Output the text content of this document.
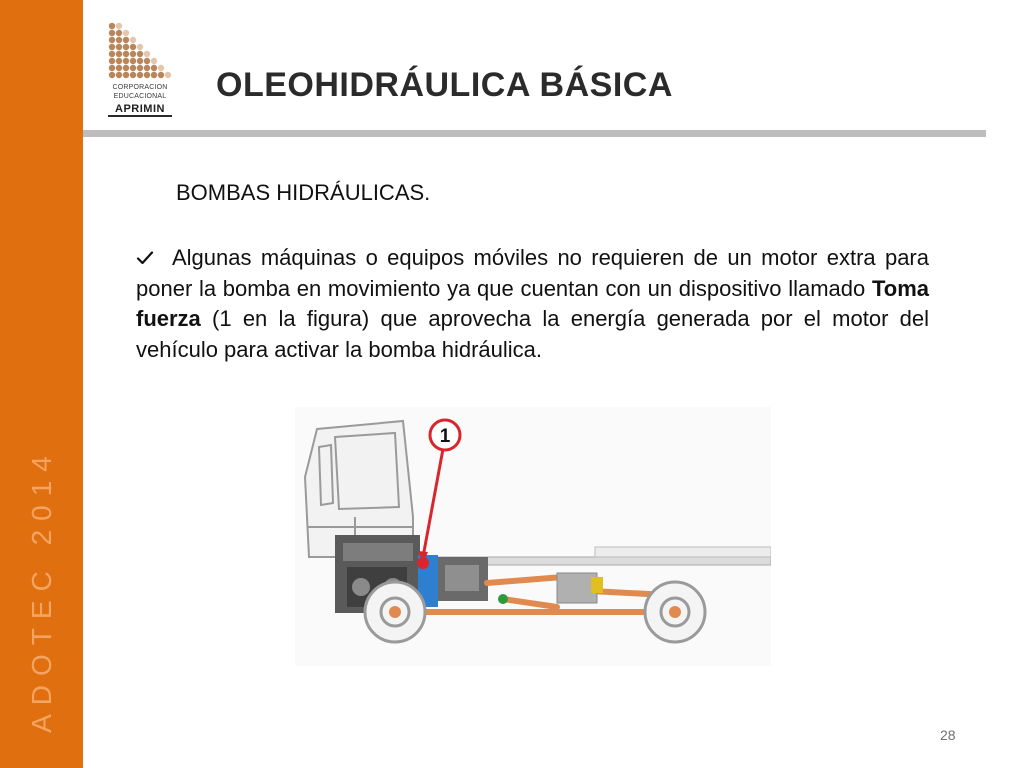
ADOTEC 2014
CORPORACION
EDUCACIONAL
APRIMIN
OLEOHIDRÁULICA BÁSICA
BOMBAS HIDRÁULICAS.

Algunas máquinas o equipos móviles no requieren de un motor extra para poner la bomba en movimiento ya que cuentan con un dispositivo llamado Toma fuerza (1 en la figura) que aprovecha la energía generada por el motor del vehículo para activar la bomba hidráulica.

1
28
